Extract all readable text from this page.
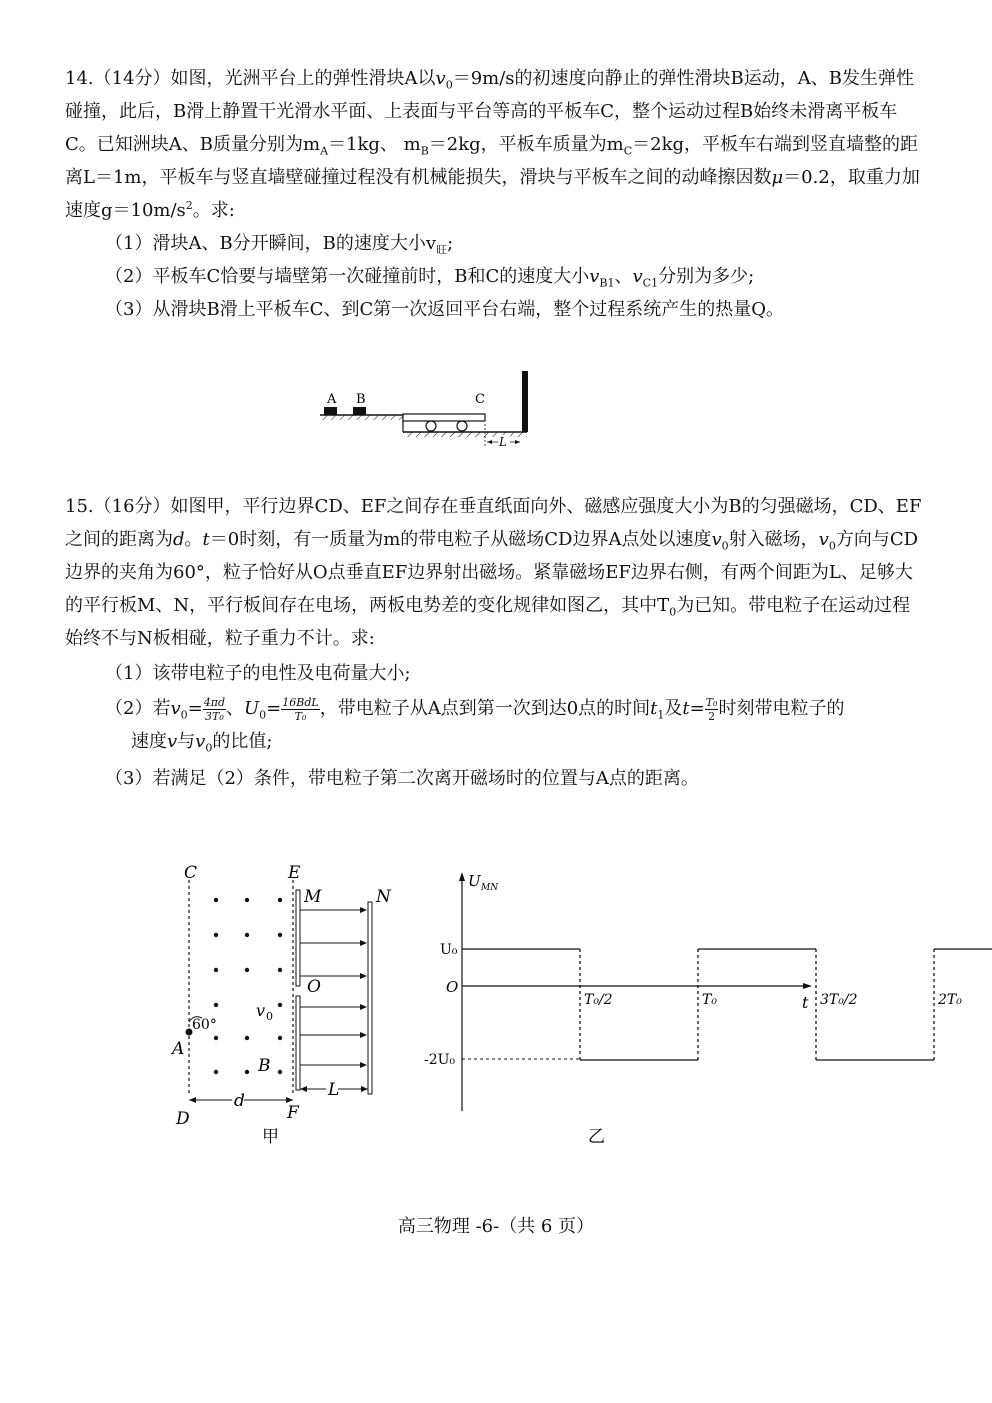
14.（14分）如图，光洲平台上的弹性滑块A以$v_0=9m/s$的初速度向静止的弹性滑块B运动，A、B发生弹性碰撞，此后，B滑上静置干光滑水平面、上表面与平台等高的平板车C，整个运动过程B始终未滑离平板车C。已知洲块A、B质量分别为$m_A=1kg$、 $m_B=2kg$，平板车质量为$m_C=2kg$，平板车右端到竖直墙整的距离L＝1m，平板车与竖直墙壁碰撞过程没有机械能损失，滑块与平板车之间的动峰擦因数μ＝0.2，取重力加速度$g=10m/s^2$。求:

（1）滑块A、B分开瞬间，B的速度大小$v_旺$;

（2）平板车C恰要与墙壁第一次碰撞前时，B和C的速度大小$v_{B1}$、$v_{C1}$分别为多少;

（3）从滑块B滑上平板车C、到C第一次返回平台右端，整个过程系统产生的热量Q。

A B	C
L

15.（16分）如图甲，平行边界CD、EF之间存在垂直纸面向外、磁感应强度大小为B的匀强磁场，CD、EF之间的距离为d。t＝0时刻，有一质量为m的带电粒子从磁场CD边界A点处以速度$v_0$射入磁场，$v_0$方向与CD边界的夹角为60°，粒子恰好从O点垂直EF边界射出磁场。紧靠磁场EF边界右侧，有两个间距为L、足够大的平行板M、N，平行板间存在电场，两板电势差的变化规律如图乙，其中$T_0$为已知。带电粒子在运动过程始终不与N板相碰，粒子重力不计。求:

（1）该带电粒子的电性及电荷量大小;

（2）若$v_0= \frac{4\pi d}{\text{3T₀}}$ 、$U_0= \frac{\text{16BdL}}{\text{T₀}}$ ，带电粒子从A点到第一次到达0点的时间$t_1$及$t= \frac{\text{T₀}}{2}$ 时刻带电粒子的

速度v与$v_0$的比值;

（3）若满足（2）条件，带电粒子第二次离开磁场时的位置与A点的距离。

C
D
E
F
A
60°
v 0
B
M
O
N
d
L
甲
U MN
t
O
U₀
-2U₀
T₀/2	T₀	3T₀/2	2T₀
乙
高三物理 -6-（共 6 页）
